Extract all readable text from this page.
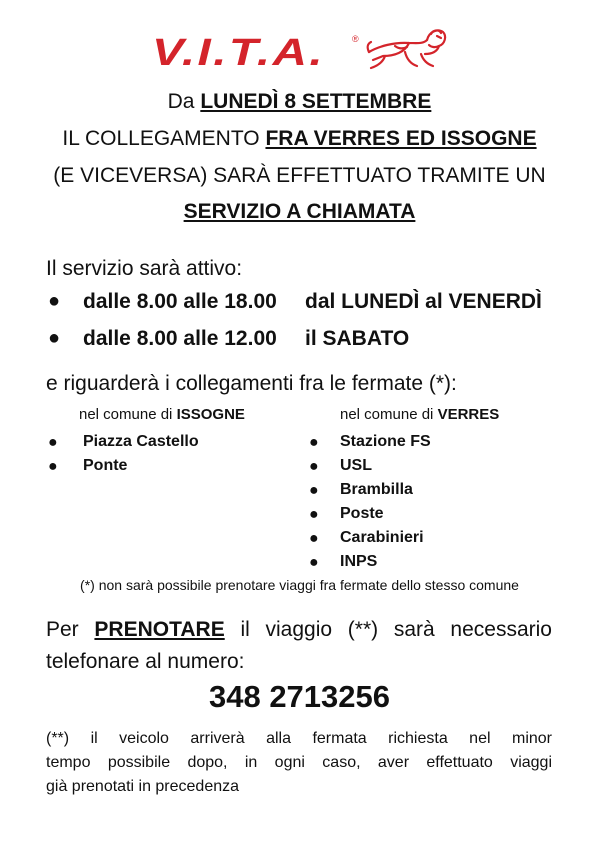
V.I.T.A.	®
Da LUNEDÌ 8 SETTEMBRE
IL COLLEGAMENTO FRA VERRES ED ISSOGNE
(E VICEVERSA) SARÀ EFFETTUATO TRAMITE UN
SERVIZIO A CHIAMATA
Il servizio sarà attivo:
● dalle 8.00 alle 18.00 dal LUNEDÌ al VENERDÌ
● dalle 8.00 alle 12.00 il SABATO
e riguarderà i collegamenti fra le fermate (*):
nel comune di ISSOGNE	nel comune di VERRES
● Piazza Castello
● Ponte
● Stazione FS
● USL
● Brambilla
● Poste
● Carabinieri
● INPS
(*) non sarà possibile prenotare viaggi fra fermate dello stesso comune
Per PRENOTARE il viaggio (**) sarà necessario
telefonare al numero:
348 2713256
(**) il veicolo arriverà alla fermata richiesta nel minor
tempo possibile dopo, in ogni caso, aver effettuato viaggi
già prenotati in precedenza
